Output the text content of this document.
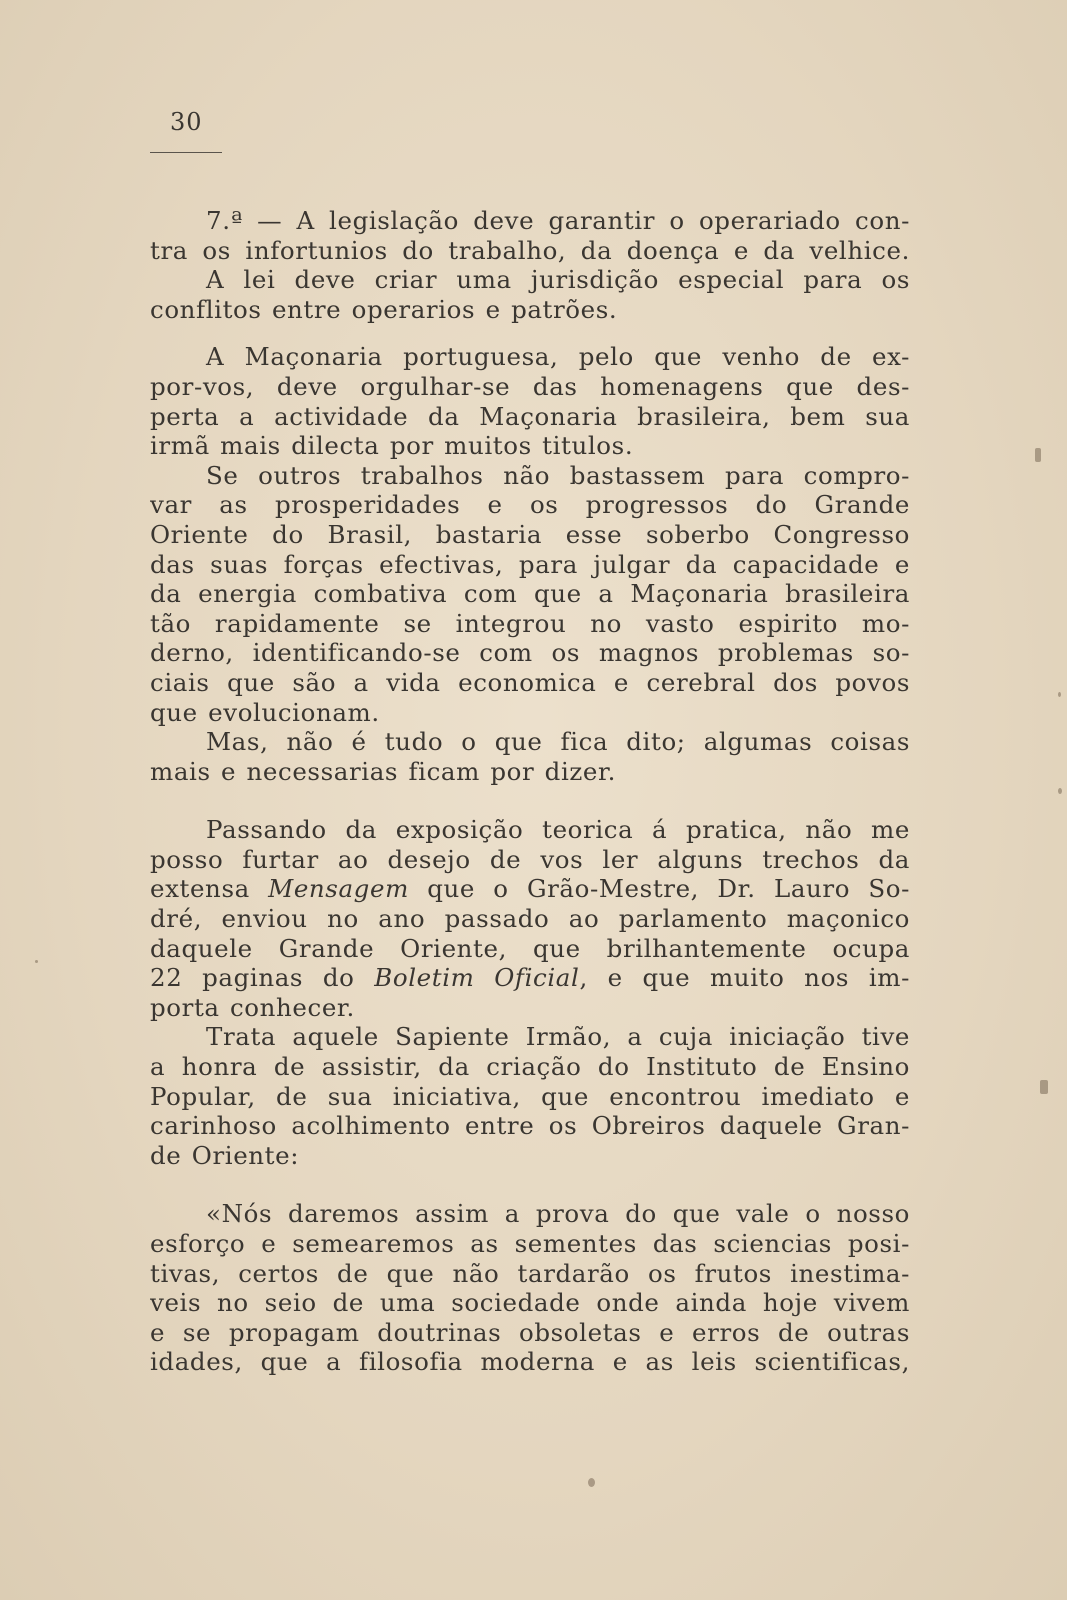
30

7.ª — A legislação deve garantir o operariado con-
tra os infortunios do trabalho, da doença e da velhice.
A lei deve criar uma jurisdição especial para os
conflitos entre operarios e patrões.

A Maçonaria portuguesa, pelo que venho de ex-
por-vos, deve orgulhar-se das homenagens que des-
perta a actividade da Maçonaria brasileira, bem sua
irmã mais dilecta por muitos titulos.

Se outros trabalhos não bastassem para compro-
var as prosperidades e os progressos do Grande
Oriente do Brasil, bastaria esse soberbo Congresso
das suas forças efectivas, para julgar da capacidade e
da energia combativa com que a Maçonaria brasileira
tão rapidamente se integrou no vasto espirito mo-
derno, identificando-se com os magnos problemas so-
ciais que são a vida economica e cerebral dos povos
que evolucionam.

Mas, não é tudo o que fica dito; algumas coisas
mais e necessarias ficam por dizer.

Passando da exposição teorica á pratica, não me
posso furtar ao desejo de vos ler alguns trechos da
extensa Mensagem que o Grão-Mestre, Dr. Lauro So-
dré, enviou no ano passado ao parlamento maçonico
daquele Grande Oriente, que brilhantemente ocupa
22 paginas do Boletim Oficial, e que muito nos im-
porta conhecer.

Trata aquele Sapiente Irmão, a cuja iniciação tive
a honra de assistir, da criação do Instituto de Ensino
Popular, de sua iniciativa, que encontrou imediato e
carinhoso acolhimento entre os Obreiros daquele Gran-
de Oriente:

«Nós daremos assim a prova do que vale o nosso
esforço e semearemos as sementes das sciencias posi-
tivas, certos de que não tardarão os frutos inestima-
veis no seio de uma sociedade onde ainda hoje vivem
e se propagam doutrinas obsoletas e erros de outras
idades, que a filosofia moderna e as leis scientificas,
